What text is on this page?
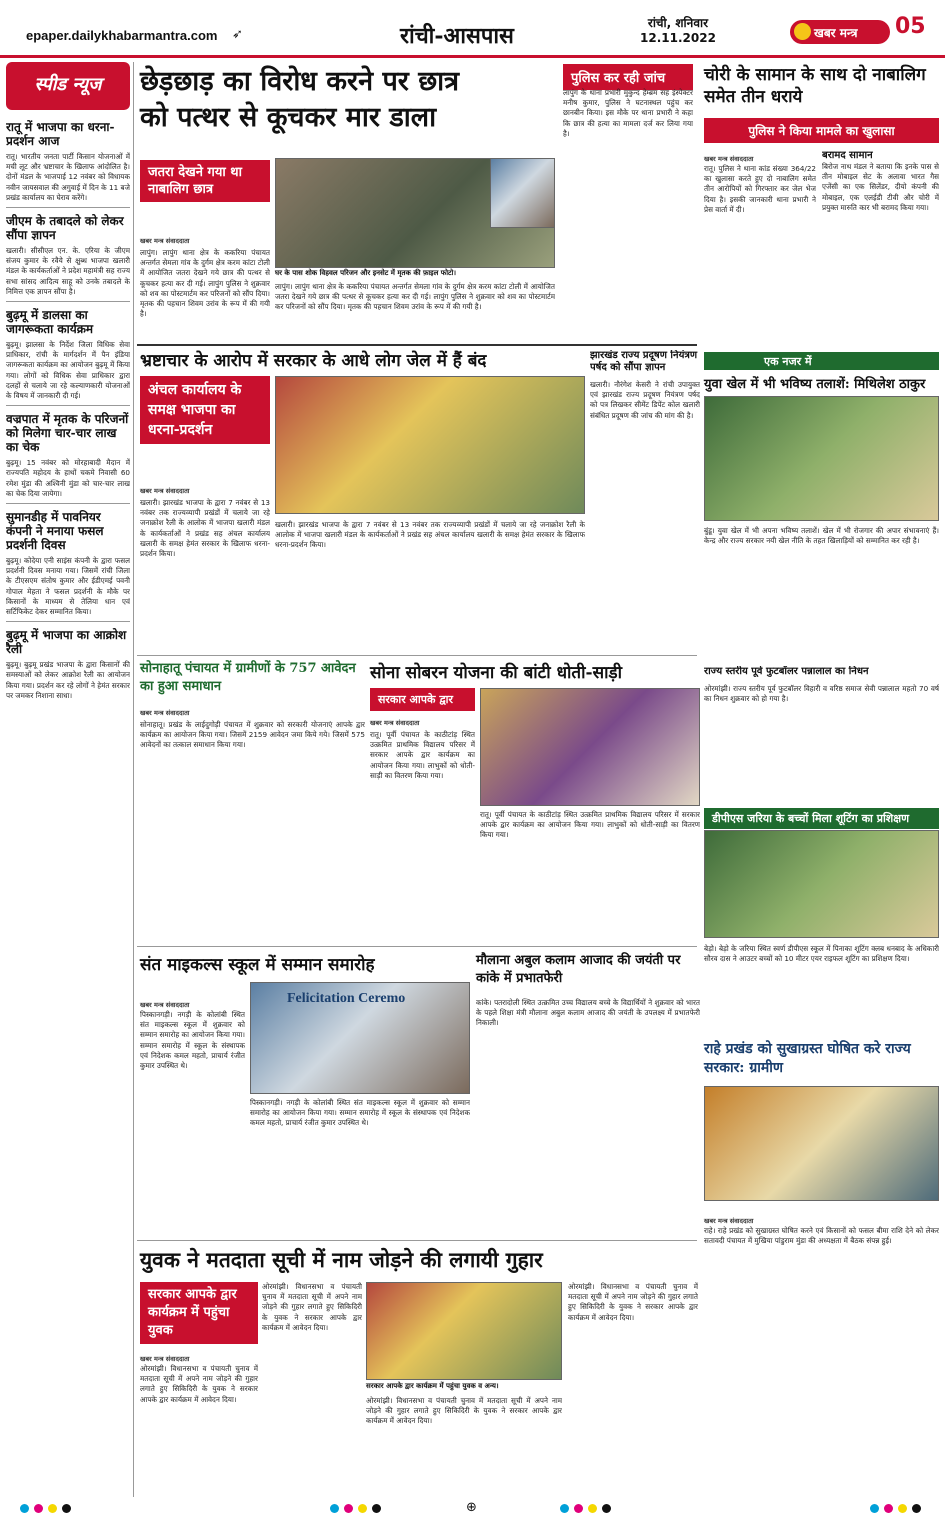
epaper.dailykhabarmantra.com ➶	रांची-आसपास	रांची, शनिवार
12.11.2022	खबर मन्त्र	05
स्पीड न्यूज
रातू में भाजपा का धरना-प्रदर्शन आज
रातू। भारतीय जनता पार्टी किसान योजनाओं में मची लूट और भ्रष्टाचार के खिलाफ आंदोलित है। दोनों मंडल के भाजपाई 12 नवंबर को विधायक नवीन जायसवाल की अगुवाई में दिन के 11 बजे प्रखंड कार्यालय का घेराव करेंगे।
जीएम के तबादले को लेकर सौंपा ज्ञापन
खलारी। सीसीएल एन. के. एरिया के जीएम संजय कुमार के रवैये से क्षुब्ध भाजपा खलारी मंडल के कार्यकर्ताओं ने प्रदेश महामंत्री सह राज्य सभा सांसद आदित्य साहू को उनके तबादले के निमित्त एक ज्ञापन सौंपा है।
बुढ़मू में डालसा का जागरूकता कार्यक्रम
बुढ़मू। झालसा के निर्देश जिला विधिक सेवा प्राधिकार, रांची के मार्गदर्शन में पैन इंडिया जागरूकता कार्यक्रम का आयोजन बुढ़मू में किया गया। लोगों को विधिक सेवा प्राधिकार द्वारा दलहों से चलाये जा रहे कल्याणकारी योजनाओं के विषय में जानकारी दी गई।
वज्रपात में मृतक के परिजनों को मिलेगा चार-चार लाख का चेक
बुढ़मू। 15 नवंबर को मोरहाबादी मैदान में राज्यपति महोदय के हाथों चकमे निवासी 60 रमेश मुंडा की अश्विनी मुंडा को चार-चार लाख का चेक दिया जायेगा।
सुमानडीह में पावनियर कंपनी ने मनाया फसल प्रदर्शनी दिवस
बुढ़मू। कोदेया एनी साइंस कंपनी के द्वारा फसल प्रदर्शनी दिवस मनाया गया। जिसमें रांची जिला के टीएसएम संतोष कुमार और ईडीएमई पवनी गोपाल मेहता ने फसल प्रदर्शनी के मौके पर किसानों के माध्यम से तेलिया धान एवं सर्टिफिकेट देकर सम्मानित किया।
बुढ़मू में भाजपा का आक्रोश रैली
बुढ़मू। बुढ़मू प्रखंड भाजपा के द्वारा किसानों की समस्याओं को लेकर आक्रोश रैली का आयोजन किया गया। प्रदर्शन कर रहे लोगों ने हेमंत सरकार पर जमकर निशाना साधा।
छेड़छाड़ का विरोध करने पर छात्र
को पत्थर से कूचकर मार डाला
जतरा देखने गया था नाबालिग छात्र
खबर मन्त्र संवाददाता
लापुंग। लापुंग थाना क्षेत्र के ककरिया पंचायत अन्तर्गत सेमला गांव के दुर्गम क्षेत्र करम कांटा टोली में आयोजित जतरा देखने गये छात्र की पत्थर से कूचकर हत्या कर दी गई। लापुंग पुलिस ने शुक्रवार को शव का पोस्टमार्टम कर परिजनों को सौंप दिया। मृतक की पहचान शिवम उरांव के रूप में की गयी है।
घर के पास शोक विहवल परिजन और इनसेट में मृतक की फ़ाइल फोटो।
लापुंग। लापुंग थाना क्षेत्र के ककरिया पंचायत अन्तर्गत सेमला गांव के दुर्गम क्षेत्र करम कांटा टोली में आयोजित जतरा देखने गये छात्र की पत्थर से कूचकर हत्या कर दी गई। लापुंग पुलिस ने शुक्रवार को शव का पोस्टमार्टम कर परिजनों को सौंप दिया। मृतक की पहचान शिवम उरांव के रूप में की गयी है।
पुलिस कर रही जांच
लापुंग के थाना प्रभारी मुकुन्द हेम्ब्रम सह इंस्पेक्टर मनीष कुमार, पुलिस ने घटनास्थल पहुंच कर छानबीन किया। इस मौके पर थाना प्रभारी ने कहा कि छात्र की हत्या का मामला दर्ज कर लिया गया है।
चोरी के सामान के साथ दो नाबालिग समेत तीन धराये
पुलिस ने किया मामले का खुलासा
खबर मन्त्र संवाददाता
रातू। पुलिस ने थाना कांड संख्या 364/22 का खुलासा करते हुए दो नाबालिग समेत तीन आरोपियों को गिरफ्तार कर जेल भेज दिया है। इसकी जानकारी थाना प्रभारी ने प्रेस वार्ता में दी।
बरामद सामान
बिरोज नाथ मंडल ने बताया कि इनके पास से तीन मोबाइल सेट के अलावा भारत गैस एजेंसी का एक सिलेंडर, दीयो कंपनी की मोबाइल, एक एलईडी टीवी और चोरी में प्रयुक्त मारुति कार भी बरामद किया गया।
भ्रष्टाचार के आरोप में सरकार के आधे लोग जेल में हैं बंद
अंचल कार्यालय के समक्ष भाजपा का धरना-प्रदर्शन
खबर मन्त्र संवाददाता
खलारी। झारखंड भाजपा के द्वारा 7 नवंबर से 13 नवंबर तक राज्यव्यापी प्रखंडों में चलाये जा रहे जनाक्रोश रैली के आलोक में भाजपा खलारी मंडल के कार्यकर्ताओं ने प्रखंड सह अंचल कार्यालय खलारी के समक्ष हेमंत सरकार के खिलाफ धरना-प्रदर्शन किया।
खलारी। झारखंड भाजपा के द्वारा 7 नवंबर से 13 नवंबर तक राज्यव्यापी प्रखंडों में चलाये जा रहे जनाक्रोश रैली के आलोक में भाजपा खलारी मंडल के कार्यकर्ताओं ने प्रखंड सह अंचल कार्यालय खलारी के समक्ष हेमंत सरकार के खिलाफ धरना-प्रदर्शन किया।
झारखंड राज्य प्रदूषण नियंत्रण पर्षद को सौंपा ज्ञापन
खलारी। नौरंगेश केसरी ने रांची उपायुक्त एवं झारखंड राज्य प्रदूषण नियंत्रण पर्षद को पत्र लिखकर सीमेंट डिपेंट कोल खलारी संबंधित प्रदूषण की जांच की मांग की है।
एक नजर में
युवा खेल में भी भविष्य तलाशें: मिथिलेश ठाकुर
बुंडू। युवा खेल में भी अपना भविष्य तलाशें। खेल में भी रोजगार की अपार संभावनाएं हैं। केन्द्र और राज्य सरकार नयी खेल नीति के तहत खिलाड़ियों को सम्मानित कर रही है।
राज्य स्तरीय पूर्व फुटबॉलर पन्नालाल का निधन
ओरमांझी। राज्य स्तरीय पूर्व फुटबॉलर विहारी व वरिष्ठ समाज सेवी पन्नालाल महतो 70 वर्ष का निधन शुक्रवार को हो गया है।
डीपीएस जरिया के बच्चों मिला शूटिंग का प्रशिक्षण
बेड़ो। बेड़ो के जरिया स्थित स्वर्ण डीपीएस स्कूल में पिनाका शूटिंग क्लब धनबाद के अधिकारी सौरव दास ने आउटर बच्चों को 10 मीटर एयर राइफल शूटिंग का प्रशिक्षण दिया।
सोनाहातू पंचायत में ग्रामीणों के 757 आवेदन का हुआ समाधान
खबर मन्त्र संवाददाता
सोनाहातू। प्रखंड के लाईदुगोड़ी पंचायत में शुक्रवार को सरकारी योजनाएं आपके द्वार कार्यक्रम का आयोजन किया गया। जिसमें 2159 आवेदन जमा किये गये। जिसमें 575 आवेदनों का तत्काल समाधान किया गया।
सोना सोबरन योजना की बांटी धोती-साड़ी
सरकार आपके द्वार
खबर मन्त्र संवाददाता
रातू। पूर्वी पंचायत के काठीटांड़ स्थित उत्क्रमित प्राथमिक विद्यालय परिसर में सरकार आपके द्वार कार्यक्रम का आयोजन किया गया। लाभुकों को धोती-साड़ी का वितरण किया गया।
रातू। पूर्वी पंचायत के काठीटांड़ स्थित उत्क्रमित प्राथमिक विद्यालय परिसर में सरकार आपके द्वार कार्यक्रम का आयोजन किया गया। लाभुकों को धोती-साड़ी का वितरण किया गया।
संत माइकल्स स्कूल में सम्मान समारोह
खबर मन्त्र संवाददाता
पिस्कानगड़ी। नगड़ी के कोलांबी स्थित संत माइकल्स स्कूल में शुक्रवार को सम्मान समारोह का आयोजन किया गया। सम्मान समारोह में स्कूल के संस्थापक एवं निदेशक कमल महतो, प्राचार्य रंजीत कुमार उपस्थित थे।
Felicitation Ceremo
पिस्कानगड़ी। नगड़ी के कोलांबी स्थित संत माइकल्स स्कूल में शुक्रवार को सम्मान समारोह का आयोजन किया गया। सम्मान समारोह में स्कूल के संस्थापक एवं निदेशक कमल महतो, प्राचार्य रंजीत कुमार उपस्थित थे।
मौलाना अबुल कलाम आजाद की जयंती पर कांके में प्रभातफेरी
कांके। पतरादोली स्थित उत्क्रमित उच्च विद्यालय बच्चे के विद्यार्थियों ने शुक्रवार को भारत के पहले शिक्षा मंत्री मौलाना अबुल कलाम आजाद की जयंती के उपलक्ष्य में प्रभातफेरी निकाली।
राहे प्रखंड को सुखाग्रस्त घोषित करे राज्य सरकार: ग्रामीण
खबर मन्त्र संवाददाता
राहे। राहे प्रखंड को सुखाग्रस्त घोषित करने एवं किसानों को फसल बीमा राशि देने को लेकर सतावदी पंचायत में मुखिया पांडुराम मुंडा की अध्यक्षता में बैठक संपन्न हुई।
युवक ने मतदाता सूची में नाम जोड़ने की लगायी गुहार
सरकार आपके द्वार कार्यक्रम में पहुंचा युवक
खबर मन्त्र संवाददाता
ओरमांझी। विधानसभा व पंचायती चुनाव में मतदाता सूची में अपने नाम जोड़ने की गुहार लगाते हुए सिकिदिरी के युवक ने सरकार आपके द्वार कार्यक्रम में आवेदन दिया।
ओरमांझी। विधानसभा व पंचायती चुनाव में मतदाता सूची में अपने नाम जोड़ने की गुहार लगाते हुए सिकिदिरी के युवक ने सरकार आपके द्वार कार्यक्रम में आवेदन दिया।
सरकार आपके द्वार कार्यक्रम में पहुंचा युवक व अन्य।
ओरमांझी। विधानसभा व पंचायती चुनाव में मतदाता सूची में अपने नाम जोड़ने की गुहार लगाते हुए सिकिदिरी के युवक ने सरकार आपके द्वार कार्यक्रम में आवेदन दिया।
ओरमांझी। विधानसभा व पंचायती चुनाव में मतदाता सूची में अपने नाम जोड़ने की गुहार लगाते हुए सिकिदिरी के युवक ने सरकार आपके द्वार कार्यक्रम में आवेदन दिया।
⊕
